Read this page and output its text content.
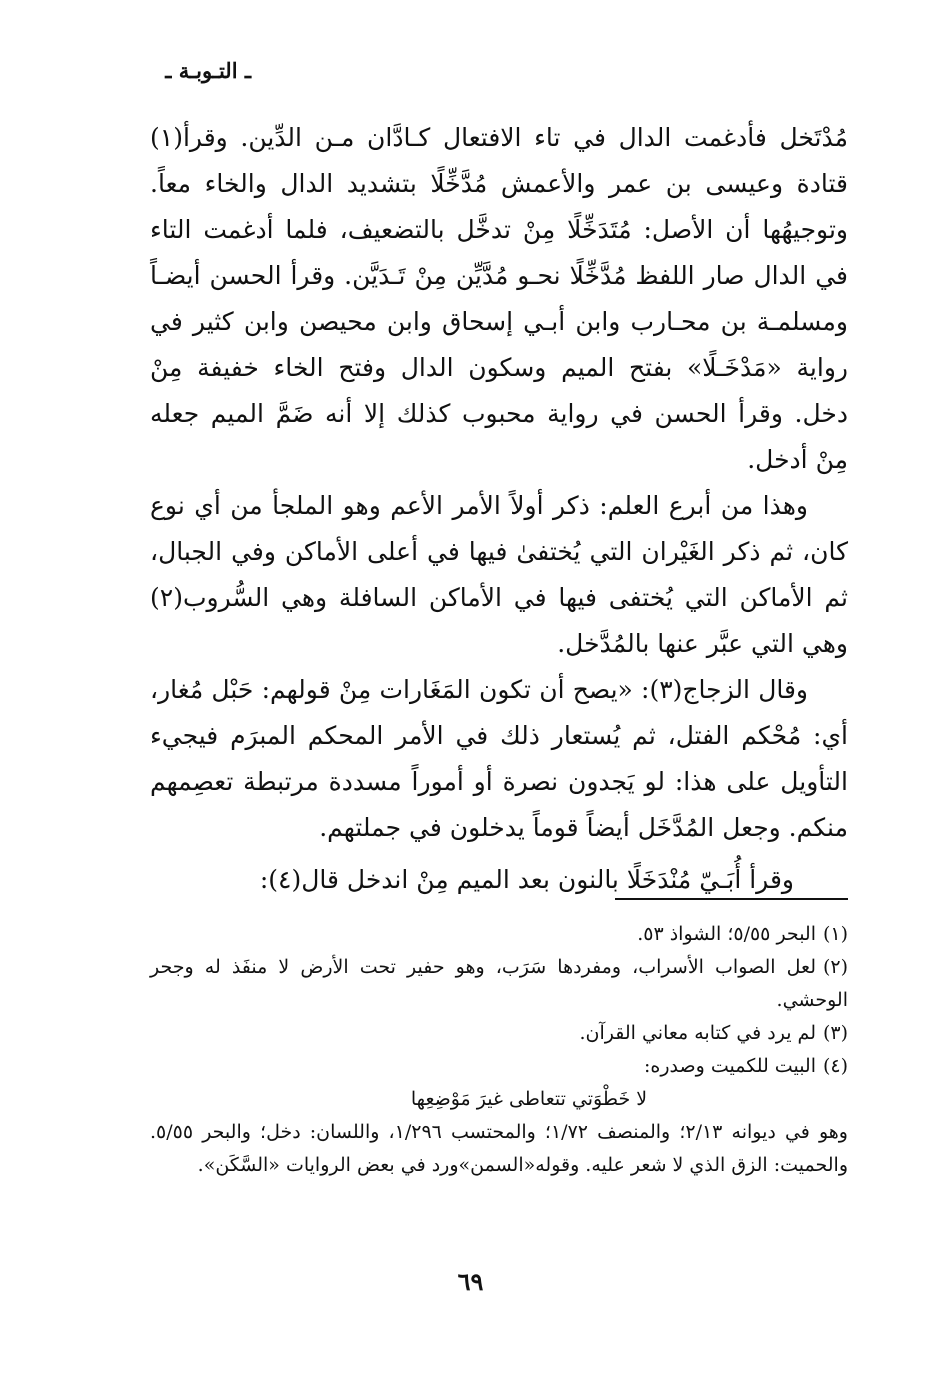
ـ التـوبـة ـ

مُدْتَخل فأدغمت الدال في تاء الافتعال كـادَّان مـن الدِّين. وقرأ(١) قتادة وعيسى بن عمر والأعمش مُدَّخِّلًا بتشديد الدال والخاء معاً. وتوجيهُها أن الأصل: مُتَدَخِّلًا مِنْ تدخَّل بالتضعيف، فلما أدغمت التاء في الدال صار اللفظ مُدَّخِّلًا نحـو مُدَّيِّن مِنْ تَـدَيَّن. وقرأ الحسن أيضـاً ومسلمـة بن محـارب وابن أبـي إسحاق وابن محيصن وابن كثير في رواية «مَدْخَـلًا» بفتح الميم وسكون الدال وفتح الخاء خفيفة مِنْ دخل. وقرأ الحسن في رواية محبوب كذلك إلا أنه ضَمَّ الميم جعله مِنْ أدخل.

وهذا من أبرع العلم: ذكر أولاً الأمر الأعم وهو الملجأ من أي نوع كان، ثم ذكر الغَيْران التي يُختفىٰ فيها في أعلى الأماكن وفي الجبال، ثم الأماكن التي يُختفى فيها في الأماكن السافلة وهي السُّروب(٢) وهي التي عبَّر عنها بالمُدَّخل.

وقال الزجاج(٣): «يصح أن تكون المَغَارات مِنْ قولهم: حَبْل مُغار، أي: مُحْكم الفتل، ثم يُستعار ذلك في الأمر المحكم المبرَم فيجيء التأويل على هذا: لو يَجدون نصرة أو أموراً مسددة مرتبطة تعصِمهم منكم. وجعل المُدَّخَل أيضاً قوماً يدخلون في جملتهم.

وقرأ أُبَـيّ مُنْدَخَلًا بالنون بعد الميم مِنْ اندخل قال(٤):

(١)البحر ٥/٥٥؛ الشواذ ٥٣.

(٢)لعل الصواب الأسراب، ومفردها سَرَب، وهو حفير تحت الأرض لا منفَذ له وجحر الوحشي.

(٣)لم يرد في كتابه معاني القرآن.

(٤)البيت للكميت وصدره:

لا خَطْوَتي تتعاطى غيرَ مَوْضِعِها

وهو في ديوانه ٢/١٣؛ والمنصف ١/٧٢؛ والمحتسب ١/٢٩٦، واللسان: دخل؛ والبحر ٥/٥٥. والحميت: الزق الذي لا شعر عليه. وقوله«السمن»ورد في بعض الروايات «السَّكَن».

٦٩
